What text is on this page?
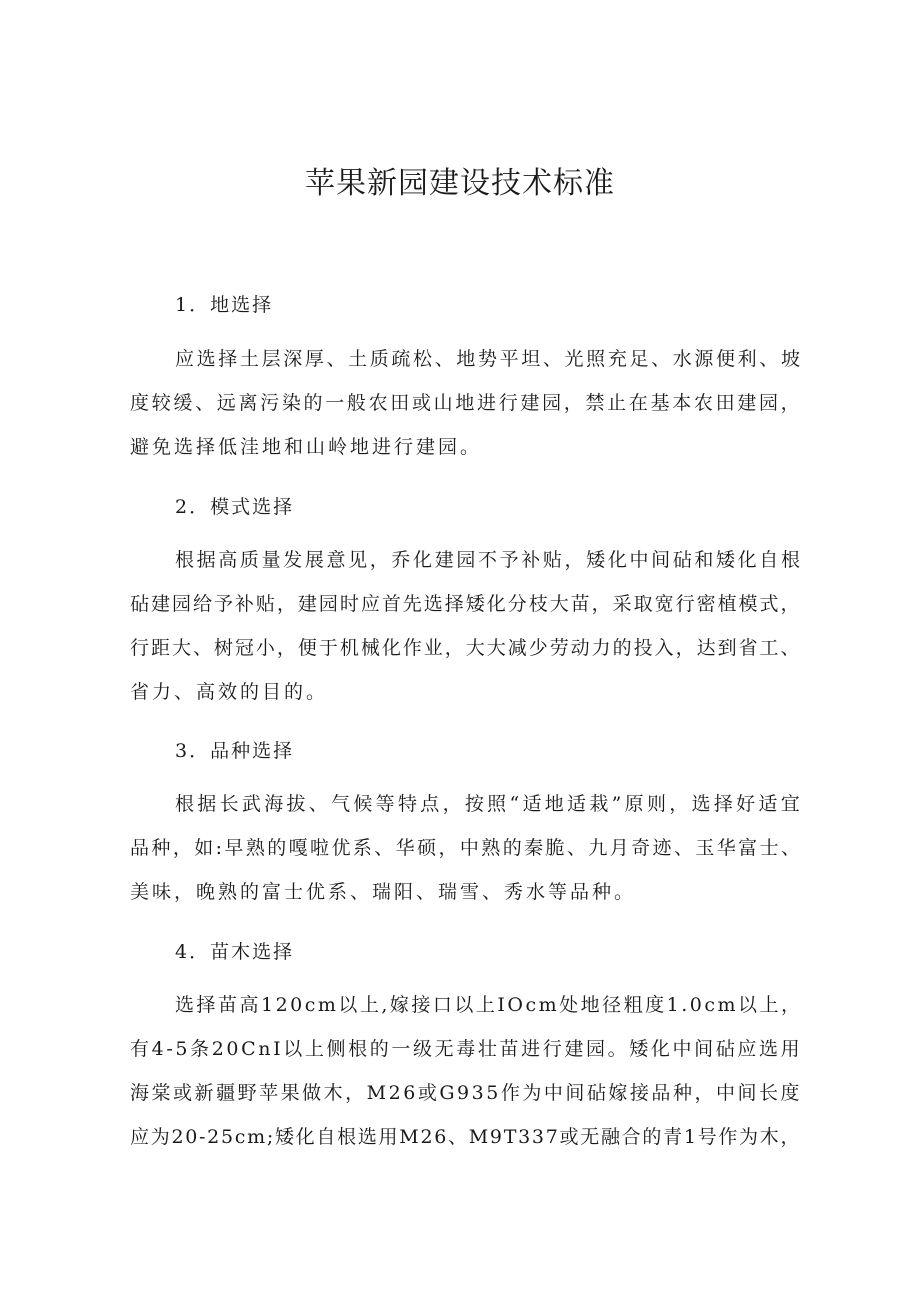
苹果新园建设技术标准
1．地选择
应 选 择 土 层 深 厚 、 土 质 疏 松 、 地 势 平 坦 、 光 照 充 足 、 水 源 便 利 、 坡
度 较 缓 、 远 离 污 染 的 一 般 农 田 或 山 地 进 行 建 园 ， 禁 止 在 基 本 农 田 建 园 ，
避免选择低洼地和山岭地进行建园。
2．模式选择
根 据 高 质 量 发 展 意 见 ， 乔 化 建 园 不 予 补 贴 ， 矮 化 中 间 砧 和 矮 化 自 根
砧 建 园 给 予 补 贴 ， 建 园 时 应 首 先 选 择 矮 化 分 枝 大 苗 ， 采 取 宽 行 密 植 模 式 ，
行 距 大 、 树 冠 小 ， 便 于 机 械 化 作 业 ， 大 大 减 少 劳 动 力 的 投 入 ， 达 到 省 工 、
省力、高效的目的。
3．品种选择
根 据 长 武 海 拔 、 气 候 等 特 点 ， 按 照 “ 适 地 适 栽 ” 原 则 ， 选 择 好 适 宜
品 种 ， 如 : 早 熟 的 嘎 啦 优 系 、 华 硕 ， 中 熟 的 秦 脆 、 九 月 奇 迹 、 玉 华 富 士 、
美味，晚熟的富士优系、瑞阳、瑞雪、秀水等品种。
4．苗木选择
选 择 苗 高 1 2 0 c m 以 上 , 嫁 接 口 以 上 I O c m 处 地 径 粗 度 1 . 0 c m 以 上 ，
有 4 - 5 条 2 0 C n I 以 上 侧 根 的 一 级 无 毒 壮 苗 进 行 建 园 。 矮 化 中 间 砧 应 选 用
海 棠 或 新 疆 野 苹 果 做 木 ， M 2 6 或 G 9 3 5 作 为 中 间 砧 嫁 接 品 种 ， 中 间 长 度
应 为 2 0 - 2 5 c m ; 矮 化 自 根 选 用 M 2 6 、 M 9 T 3 3 7 或 无 融 合 的 青 1 号 作 为 木 ，
